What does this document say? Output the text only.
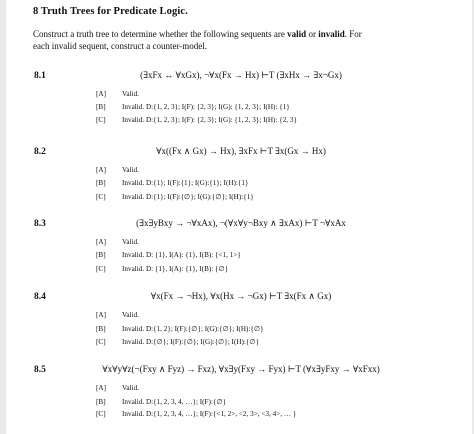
8 Truth Trees for Predicate Logic.
Construct a truth tree to determine whether the following sequents are valid or invalid. For
each invalid sequent, construct a counter-model.
8.1	(∃xFx ↔ ∀xGx), ¬∀x(Fx → Hx) ⊢T (∃xHx → ∃x¬Gx)
[A] Valid.
[B] Invalid. D:{1, 2, 3}; I(F): {2, 3}; I(G): {1, 2, 3}; I(H): {1}
[C] Invalid. D:{1, 2, 3}; I(F): {2, 3}; I(G): {1, 2, 3}; I(H): {2, 3}
8.2	∀x((Fx ∧ Gx) → Hx), ∃xFx ⊢T ∃x(Gx → Hx)
[A] Valid.
[B] Invalid. D:{1}; I(F):{1}; I(G):{1}; I(H):{1}
[C] Invalid. D:{1}; I(F):{∅}; I(G):{∅}; I(H):{1}
8.3	(∃x∃yBxy → ¬∀xAx), ¬(∀x∀y¬Bxy ∧ ∃xAx) ⊢T ¬∀xAx
[A] Valid.
[B] Invalid. D: {1}, I(A): {1}, I(B): {<1, 1>}
[C] Invalid. D: {1}, I(A): {1}, I(B): {∅}
8.4	∀x(Fx → ¬Hx), ∀x(Hx → ¬Gx) ⊢T ∃x(Fx ∧ Gx)
[A] Valid.
[B] Invalid. D:{1, 2}; I(F):{∅}; I(G):{∅}; I(H):{∅}
[C] Invalid. D:{∅}; I(F):{∅}; I(G):{∅}; I(H):{∅}
8.5	∀x∀y∀z(¬(Fxy ∧ Fyz) → Fxz), ∀x∃y(Fxy → Fyx) ⊢T (∀x∃yFxy → ∀xFxx)
[A] Valid.
[B] Invalid. D:{1, 2, 3, 4, …}; I(F):{∅}
[C] Invalid. D:{1, 2, 3, 4, …}; I(F):{<1, 2>, <2, 3>, <3, 4>, … }
